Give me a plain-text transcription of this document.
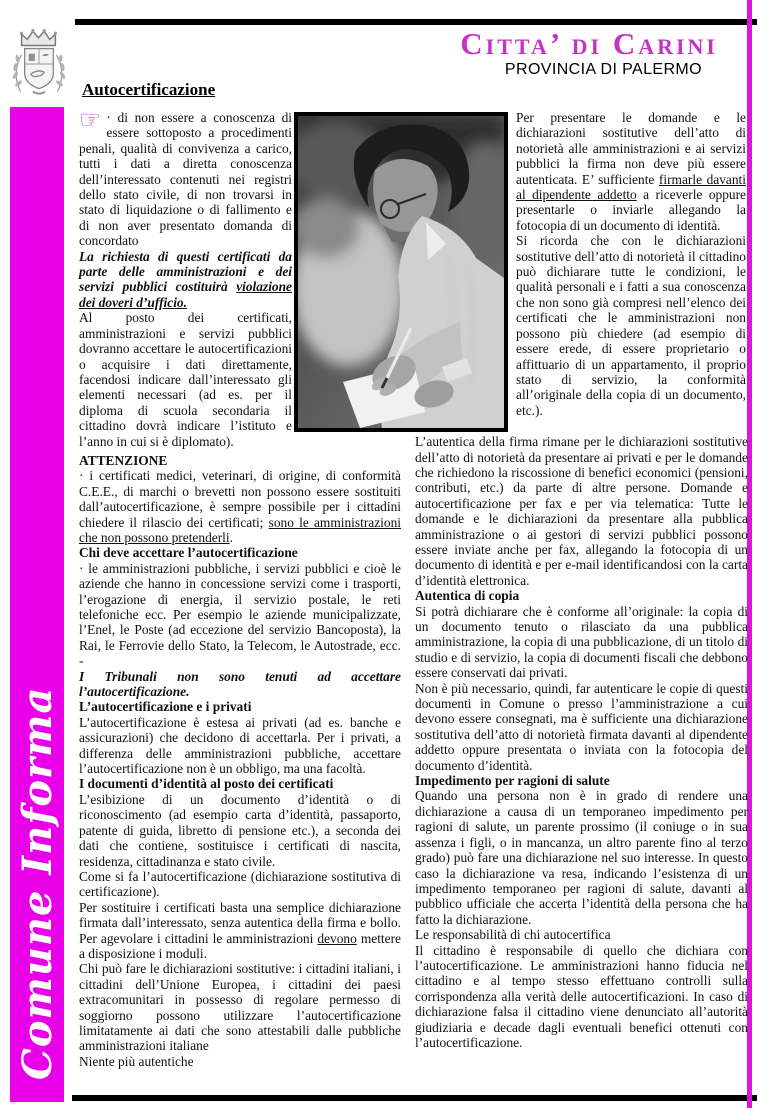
Comune Informa
Citta’ di Carini
PROVINCIA DI PALERMO
Autocertificazione

☞ · di non essere a conoscenza di essere sottoposto a procedimenti penali, qualità di convivenza a carico, tutti i dati a diretta conoscenza dell’interessato contenuti nei registri dello stato civile, di non trovarsi in stato di liquidazione o di fallimento e di non aver presentato domanda di concordato

La richiesta di questi certificati da parte delle amministrazioni e dei servizi pubblici costituirà violazione dei doveri d’ufficio.

Al posto dei certificati, amministrazioni e servizi pubblici dovranno accettare le autocertificazioni o acquisire i dati direttamente, facendosi indicare dall’interessato gli elementi necessari (ad es. per il diploma di scuola secondaria il cittadino dovrà indicare l’istituto e l’anno in cui si è diplomato).

ATTENZIONE

· i certificati medici, veterinari, di origine, di conformità C.E.E., di marchi o brevetti non possono essere sostituiti dall’autocertificazione, è sempre possibile per i cittadini chiedere il rilascio dei certificati; sono le amministrazioni che non possono pretenderli.

Chi deve accettare l’autocertificazione

· le amministrazioni pubbliche, i servizi pubblici e cioè le aziende che hanno in concessione servizi come i trasporti, l’erogazione di energia, il servizio postale, le reti telefoniche ecc. Per esempio le aziende municipalizzate, l’Enel, le Poste (ad eccezione del servizio Bancoposta), la Rai, le Ferrovie dello Stato, la Telecom, le Autostrade, ecc. -

I Tribunali non sono tenuti ad accettare l’autocertificazione.

L’autocertificazione e i privati

L’autocertificazione è estesa ai privati (ad es. banche e assicurazioni) che decidono di accettarla. Per i privati, a differenza delle amministrazioni pubbliche, accettare l’autocertificazione non è un obbligo, ma una facoltà.

I documenti d’identità al posto dei certificati

L’esibizione di un documento d’identità o di riconoscimento (ad esempio carta d’identità, passaporto, patente di guida, libretto di pensione etc.), a seconda dei dati che contiene, sostituisce i certificati di nascita, residenza, cittadinanza e stato civile.

Come si fa l’autocertificazione (dichiarazione sostitutiva di certificazione).

Per sostituire i certificati basta una semplice dichiarazione firmata dall’interessato, senza autentica della firma e bollo. Per agevolare i cittadini le amministrazioni devono mettere a disposizione i moduli.

Chi può fare le dichiarazioni sostitutive: i cittadini italiani, i cittadini dell’Unione Europea, i cittadini dei paesi extracomunitari in possesso di regolare permesso di soggiorno possono utilizzare l’autocertificazione limitatamente ai dati che sono attestabili dalle pubbliche amministrazioni italiane

Niente più autentiche

Per presentare le domande e le dichiarazioni sostitutive dell’atto di notorietà alle amministrazioni e ai servizi pubblici la firma non deve più essere autenticata. E’ sufficiente firmarle davanti al dipendente addetto a riceverle oppure presentarle o inviarle allegando la fotocopia di un documento di identità.

Si ricorda che con le dichiarazioni sostitutive dell’atto di notorietà il cittadino può dichiarare tutte le condizioni, le qualità personali e i fatti a sua conoscenza che non sono già compresi nell’elenco dei certificati che le amministrazioni non possono più chiedere (ad esempio di essere erede, di essere proprietario o affittuario di un appartamento, il proprio stato di servizio, la conformità all’originale della copia di un documento, etc.).

L’autentica della firma rimane per le dichiarazioni sostitutive dell’atto di notorietà da presentare ai privati e per le domande che richiedono la riscossione di benefici economici (pensioni, contributi, etc.) da parte di altre persone. Domande e autocertificazione per fax e per via telematica: Tutte le domande e le dichiarazioni da presentare alla pubblica amministrazione o ai gestori di servizi pubblici possono essere inviate anche per fax, allegando la fotocopia di un documento di identità e per e-mail identificandosi con la carta d’identità elettronica.

Autentica di copia

Si potrà dichiarare che è conforme all’originale: la copia di un documento tenuto o rilasciato da una pubblica amministrazione, la copia di una pubblicazione, di un titolo di studio e di servizio, la copia di documenti fiscali che debbono essere conservati dai privati.

Non è più necessario, quindi, far autenticare le copie di questi documenti in Comune o presso l’amministrazione a cui devono essere consegnati, ma è sufficiente una dichiarazione sostitutiva dell’atto di notorietà firmata davanti al dipendente addetto oppure presentata o inviata con la fotocopia del documento d’identità.

Impedimento per ragioni di salute

Quando una persona non è in grado di rendere una dichiarazione a causa di un temporaneo impedimento per ragioni di salute, un parente prossimo (il coniuge o in sua assenza i figli, o in mancanza, un altro parente fino al terzo grado) può fare una dichiarazione nel suo interesse. In questo caso la dichiarazione va resa, indicando l’esistenza di un impedimento temporaneo per ragioni di salute, davanti al pubblico ufficiale che accerta l’identità della persona che ha fatto la dichiarazione.

Le responsabilità di chi autocertifica

Il cittadino è responsabile di quello che dichiara con l’autocertificazione. Le amministrazioni hanno fiducia nel cittadino e al tempo stesso effettuano controlli sulla corrispondenza alla verità delle autocertificazioni. In caso di dichiarazione falsa il cittadino viene denunciato all’autorità giudiziaria e decade dagli eventuali benefici ottenuti con l’autocertificazione.
